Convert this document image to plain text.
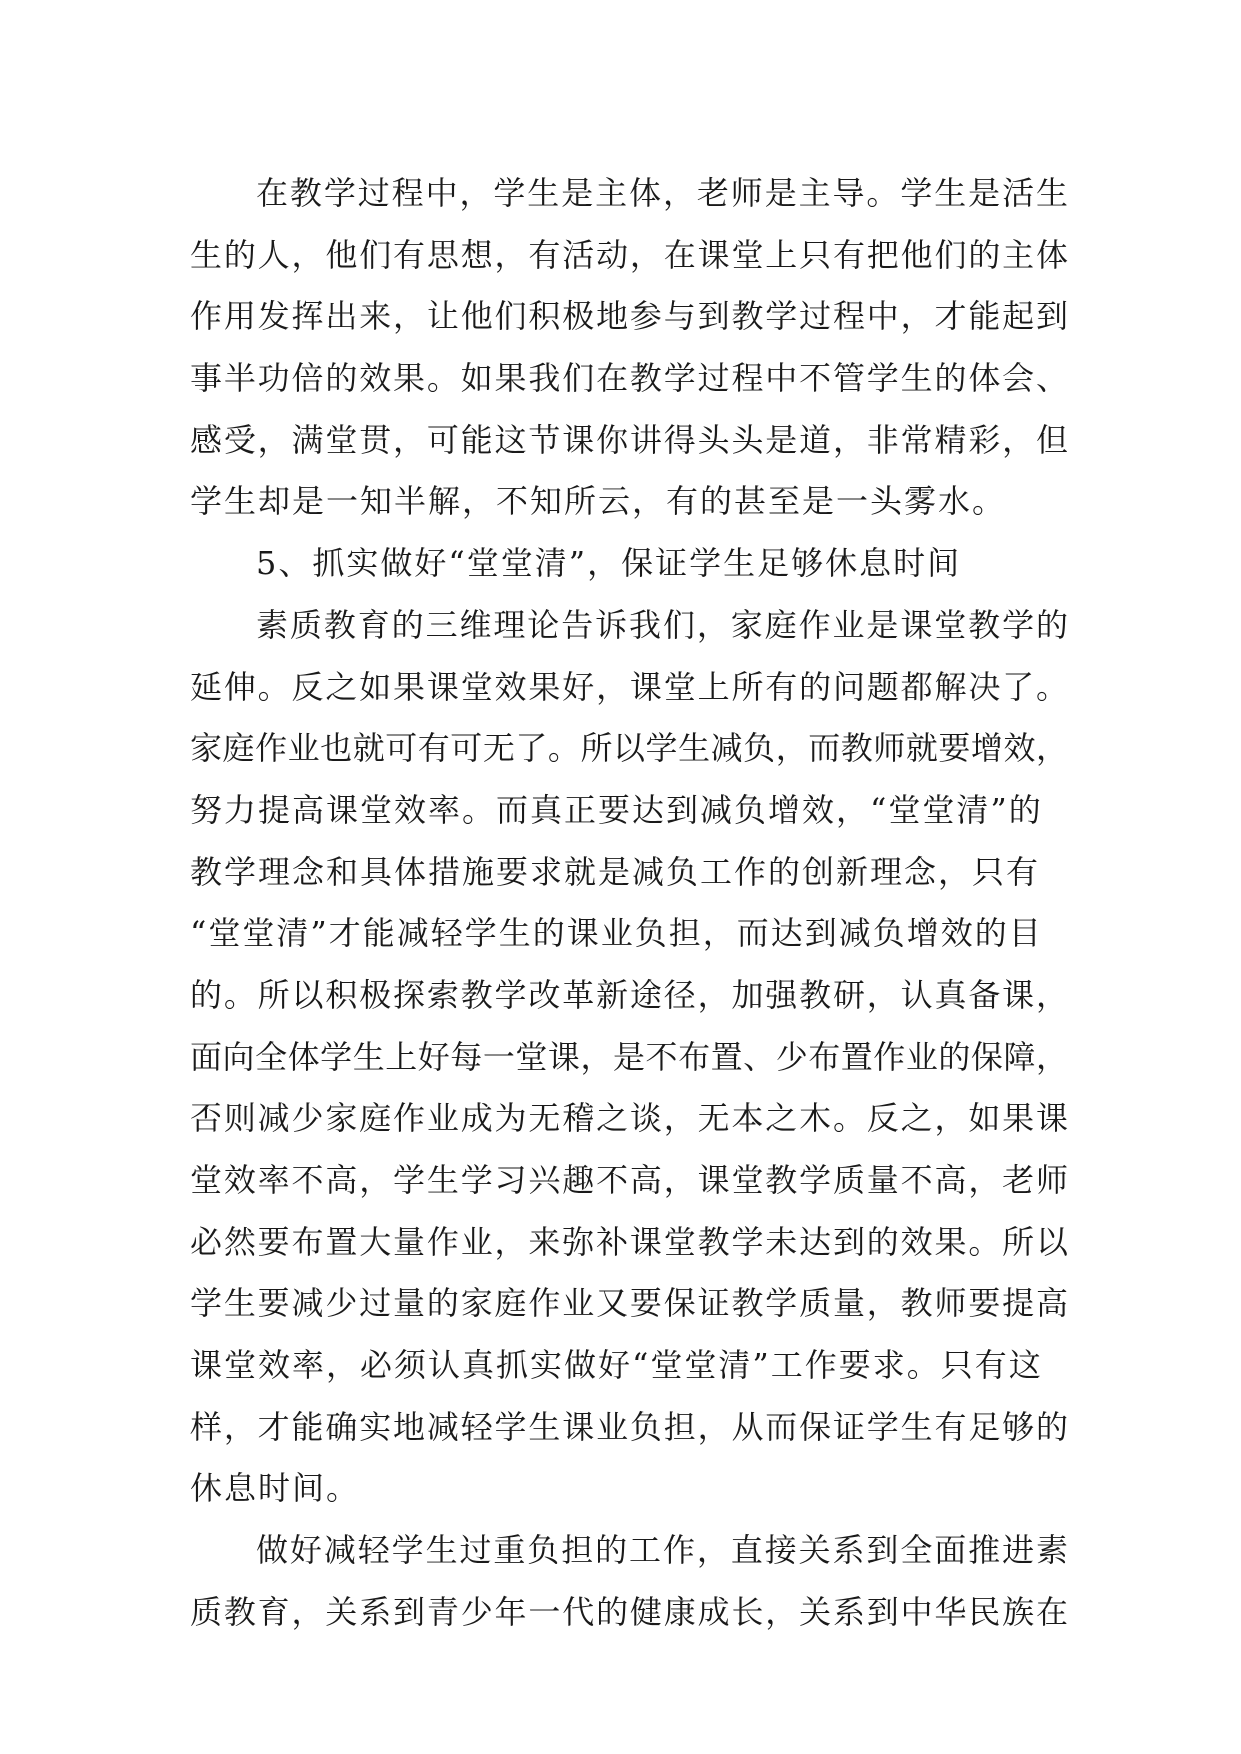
在教学过程中，学生是主体，老师是主导。学生是活生
生的人，他们有思想，有活动，在课堂上只有把他们的主体
作用发挥出来，让他们积极地参与到教学过程中，才能起到
事半功倍的效果。如果我们在教学过程中不管学生的体会、
感受，满堂贯，可能这节课你讲得头头是道，非常精彩，但
学生却是一知半解，不知所云，有的甚至是一头雾水。
5、抓实做好“堂堂清”，保证学生足够休息时间
素质教育的三维理论告诉我们，家庭作业是课堂教学的
延伸。反之如果课堂效果好，课堂上所有的问题都解决了。
家庭作业也就可有可无了。所以学生减负，而教师就要增效，
努力提高课堂效率。而真正要达到减负增效，“堂堂清”的
教学理念和具体措施要求就是减负工作的创新理念，只有
“堂堂清”才能减轻学生的课业负担，而达到减负增效的目
的。所以积极探索教学改革新途径，加强教研，认真备课，
面向全体学生上好每一堂课，是不布置、少布置作业的保障，
否则减少家庭作业成为无稽之谈，无本之木。反之，如果课
堂效率不高，学生学习兴趣不高，课堂教学质量不高，老师
必然要布置大量作业，来弥补课堂教学未达到的效果。所以
学生要减少过量的家庭作业又要保证教学质量，教师要提高
课堂效率，必须认真抓实做好“堂堂清”工作要求。只有这
样，才能确实地减轻学生课业负担，从而保证学生有足够的
休息时间。
做好减轻学生过重负担的工作，直接关系到全面推进素
质教育，关系到青少年一代的健康成长，关系到中华民族在
